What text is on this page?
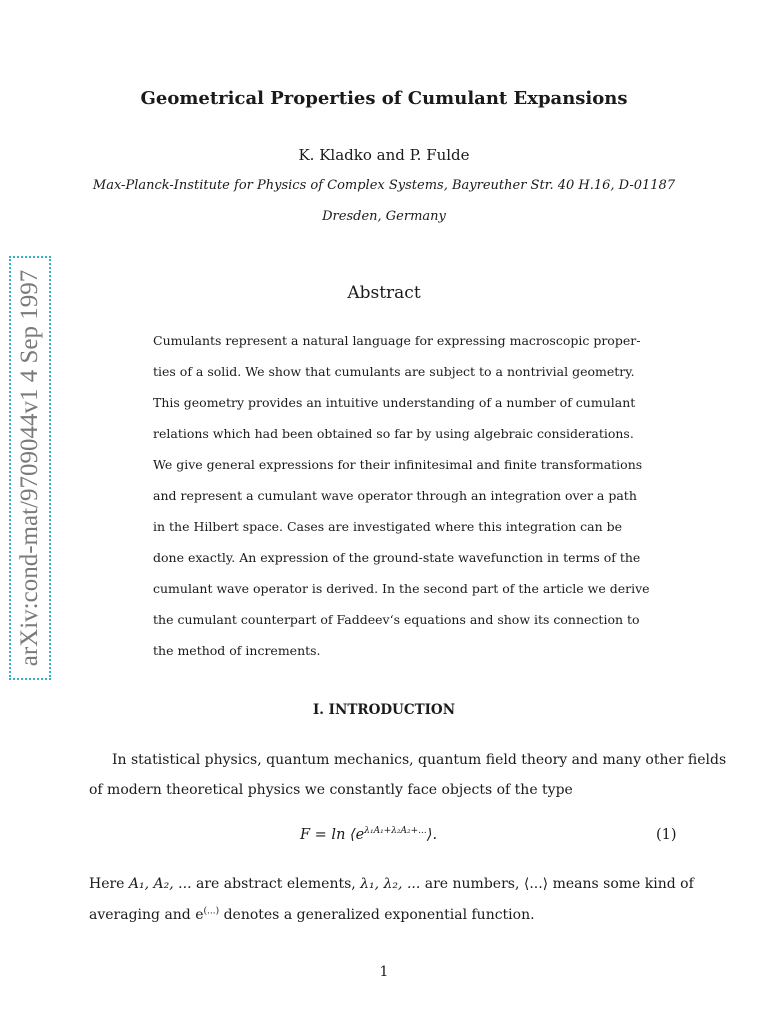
Geometrical Properties of Cumulant Expansions
K. Kladko and P. Fulde
Max-Planck-Institute for Physics of Complex Systems, Bayreuther Str. 40 H.16, D-01187
Dresden, Germany
Abstract
Cumulants represent a natural language for expressing macroscopic proper-
ties of a solid. We show that cumulants are subject to a nontrivial geometry.
This geometry provides an intuitive understanding of a number of cumulant
relations which had been obtained so far by using algebraic considerations.
We give general expressions for their infinitesimal and finite transformations
and represent a cumulant wave operator through an integration over a path
in the Hilbert space. Cases are investigated where this integration can be
done exactly. An expression of the ground-state wavefunction in terms of the
cumulant wave operator is derived. In the second part of the article we derive
the cumulant counterpart of Faddeev‘s equations and show its connection to
the method of increments.
I. INTRODUCTION
In statistical physics, quantum mechanics, quantum field theory and many other fields
of modern theoretical physics we constantly face objects of the type
$F = \ln ⟨e^{\lambda_1A_1+\lambda_2A_2+...}⟩$.	(1)
Here A₁, A₂, ... are abstract elements, λ₁, λ₂, ... are numbers, ⟨...⟩ means some kind of
averaging and e(...) denotes a generalized exponential function.
1
arXiv:cond-mat/9709044v1 4 Sep 1997
